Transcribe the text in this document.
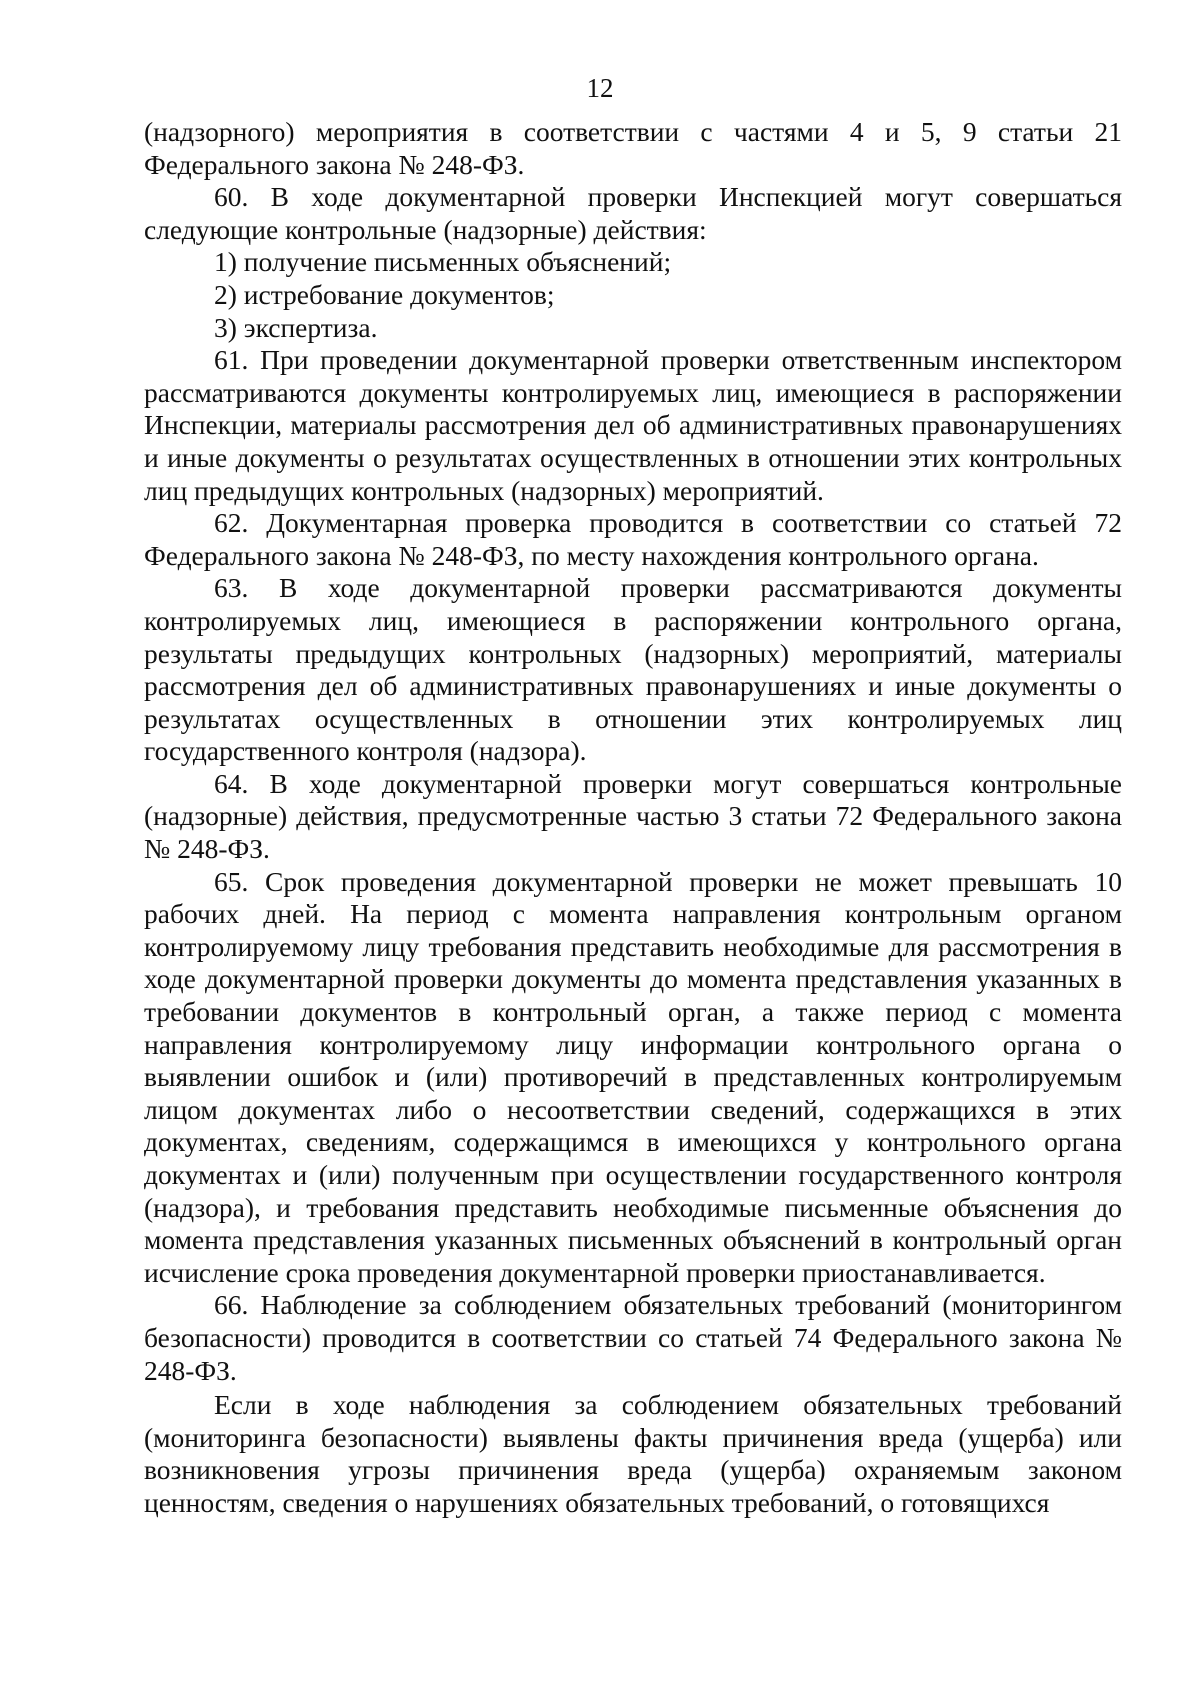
12

(надзорного) мероприятия в соответствии с частями 4 и 5, 9 статьи 21 Федерального закона № 248-ФЗ.

60. В ходе документарной проверки Инспекцией могут совершаться следующие контрольные (надзорные) действия:

1) получение письменных объяснений;

2) истребование документов;

3) экспертиза.

61. При проведении документарной проверки ответственным инспектором рассматриваются документы контролируемых лиц, имеющиеся в распоряжении Инспекции, материалы рассмотрения дел об административных правонарушениях и иные документы о результатах осуществленных в отношении этих контрольных лиц предыдущих контрольных (надзорных) мероприятий.

62. Документарная проверка проводится в соответствии со статьей 72 Федерального закона № 248-ФЗ, по месту нахождения контрольного органа.

63. В ходе документарной проверки рассматриваются документы контролируемых лиц, имеющиеся в распоряжении контрольного органа, результаты предыдущих контрольных (надзорных) мероприятий, материалы рассмотрения дел об административных правонарушениях и иные документы о результатах осуществленных в отношении этих контролируемых лиц государственного контроля (надзора).

64. В ходе документарной проверки могут совершаться контрольные (надзорные) действия, предусмотренные частью 3 статьи 72 Федерального закона № 248-ФЗ.

65. Срок проведения документарной проверки не может превышать 10 рабочих дней. На период с момента направления контрольным органом контролируемому лицу требования представить необходимые для рассмотрения в ходе документарной проверки документы до момента представления указанных в требовании документов в контрольный орган, а также период с момента направления контролируемому лицу информации контрольного органа о выявлении ошибок и (или) противоречий в представленных контролируемым лицом документах либо о несоответствии сведений, содержащихся в этих документах, сведениям, содержащимся в имеющихся у контрольного органа документах и (или) полученным при осуществлении государственного контроля (надзора), и требования представить необходимые письменные объяснения до момента представления указанных письменных объяснений в контрольный орган исчисление срока проведения документарной проверки приостанавливается.

66. Наблюдение за соблюдением обязательных требований (мониторингом безопасности) проводится в соответствии со статьей 74 Федерального закона № 248-ФЗ.

Если в ходе наблюдения за соблюдением обязательных требований (мониторинга безопасности) выявлены факты причинения вреда (ущерба) или возникновения угрозы причинения вреда (ущерба) охраняемым законом ценностям, сведения о нарушениях обязательных требований, о готовящихся
